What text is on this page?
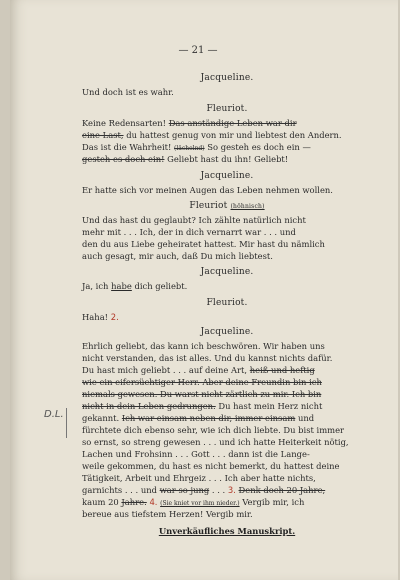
— 21 —
Jacqueline.
Und doch ist es wahr.
Fleuriot.
Keine Redensarten! Das anständige Leben war dir
eine Last, du hattest genug von mir und liebtest den Andern.
Das ist die Wahrheit! (lächelnd) So gesteh es doch ein —
gesteh es doch ein! Geliebt hast du ihn! Geliebt!
Jacqueline.
Er hatte sich vor meinen Augen das Leben nehmen wollen.
Fleuriot (höhnisch)
Und das hast du geglaubt? Ich zählte natürlich nicht
mehr mit . . . Ich, der in dich vernarrt war . . . und
den du aus Liebe geheiratet hattest. Mir hast du nämlich
auch gesagt, mir auch, daß Du mich liebtest.
Jacqueline.
Ja, ich habe dich geliebt.
Fleuriot.
Haha! 2.
Jacqueline.
Ehrlich geliebt, das kann ich beschwören. Wir haben uns
nicht verstanden, das ist alles. Und du kannst nichts dafür.
Du hast mich geliebt . . . auf deine Art, heiß und heftig
wie ein eifersüchtiger Herr. Aber deine Freundin bin ich
niemals gewesen. Du warst nicht zärtlich zu mir. Ich bin
nicht in dein Leben gedrungen. Du hast mein Herz nicht
gekannt. Ich war einsam neben dir, immer einsam und
fürchtete dich ebenso sehr, wie ich dich liebte. Du bist immer
so ernst, so streng gewesen . . . und ich hatte Heiterkeit nötig,
Lachen und Frohsinn . . . Gott . . . dann ist die Lange-
weile gekommen, du hast es nicht bemerkt, du hattest deine
Tätigkeit, Arbeit und Ehrgeiz . . . Ich aber hatte nichts,
garnichts . . . und war so jung . . . 3. Denk doch 20 Jahre,
kaum 20 Jahre. 4. (Sie kniet vor ihm nieder.) Vergib mir, ich
bereue aus tiefstem Herzen! Vergib mir.
Unverkäufliches Manuskript.
D.L.
